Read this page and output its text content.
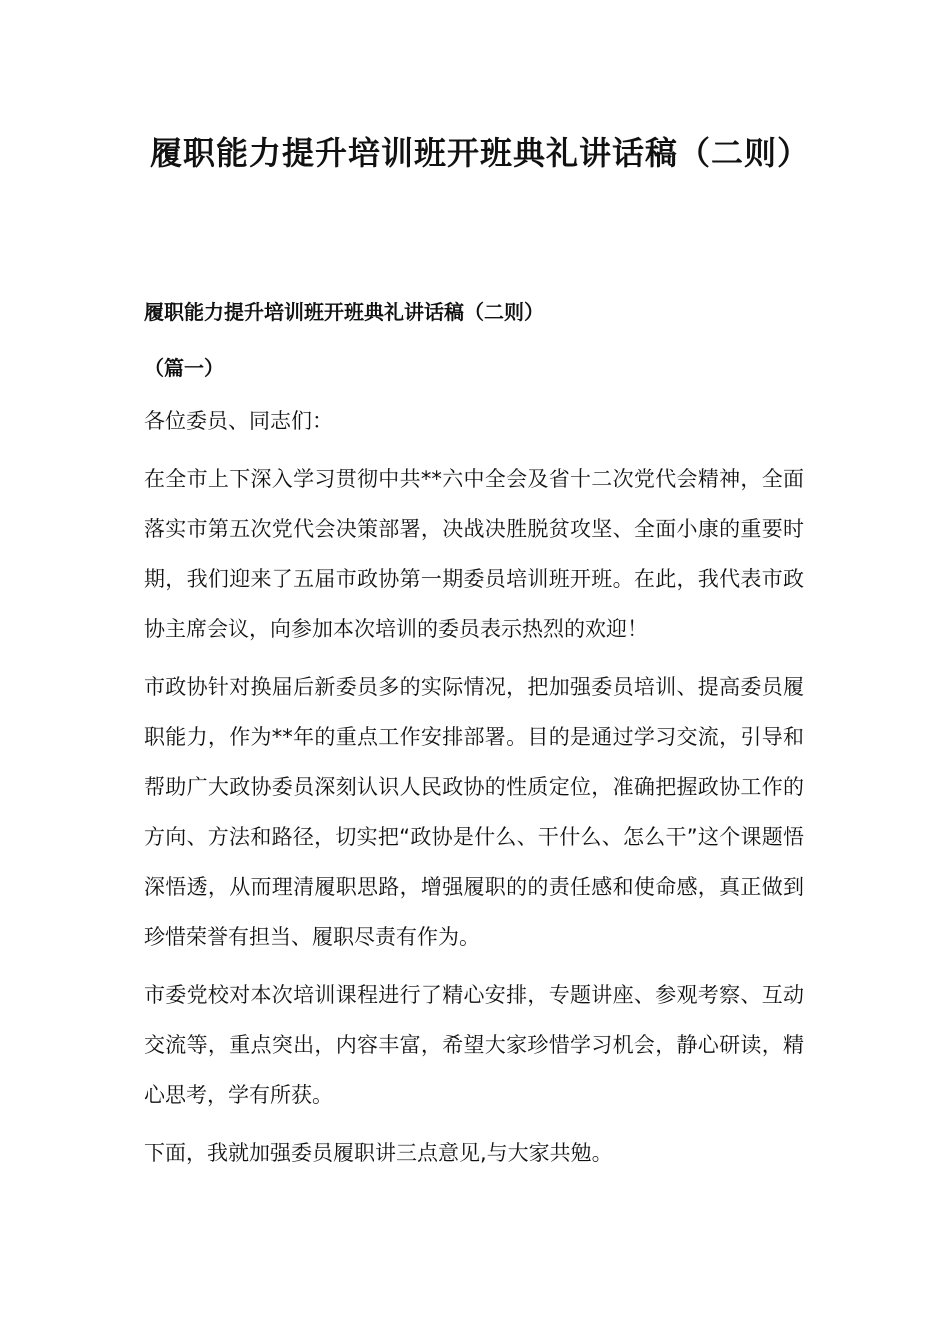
履职能力提升培训班开班典礼讲话稿（二则）

履职能力提升培训班开班典礼讲话稿（二则）

（篇一）

各位委员、同志们：

在全市上下深入学习贯彻中共**六中全会及省十二次党代会精神，全面落实市第五次党代会决策部署，决战决胜脱贫攻坚、全面小康的重要时期，我们迎来了五届市政协第一期委员培训班开班。在此，我代表市政协主席会议，向参加本次培训的委员表示热烈的欢迎！

市政协针对换届后新委员多的实际情况，把加强委员培训、提高委员履职能力，作为**年的重点工作安排部署。目的是通过学习交流，引导和帮助广大政协委员深刻认识人民政协的性质定位，准确把握政协工作的方向、方法和路径，切实把“政协是什么、干什么、怎么干”这个课题悟深悟透，从而理清履职思路，增强履职的的责任感和使命感，真正做到珍惜荣誉有担当、履职尽责有作为。

市委党校对本次培训课程进行了精心安排，专题讲座、参观考察、互动交流等，重点突出，内容丰富，希望大家珍惜学习机会，静心研读，精心思考，学有所获。

下面，我就加强委员履职讲三点意见,与大家共勉。
